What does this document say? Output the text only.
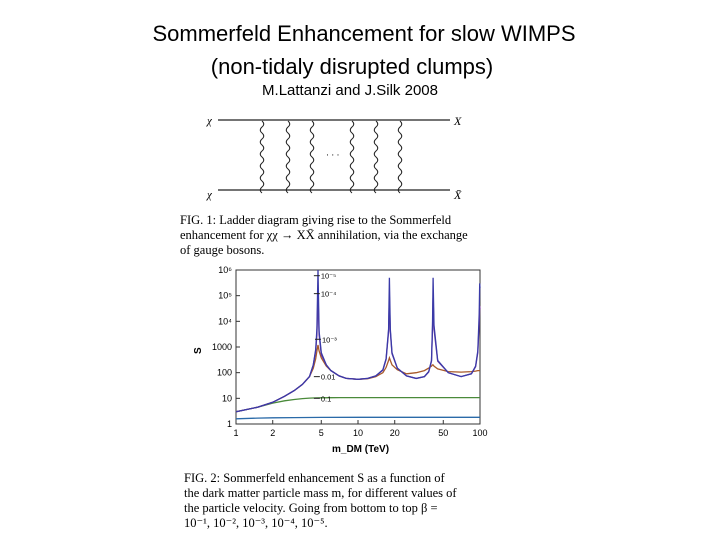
Sommerfeld Enhancement for slow WIMPS
(non-tidaly disrupted clumps)
M.Lattanzi and J.Silk 2008
χ
χ
X
X̄
· · ·
FIG. 1: Ladder diagram giving rise to the Sommerfeld
enhancement for χχ → XX̄ annihilation, via the exchange
of gauge bosons.
1	2	5	10	20	50	100
1
10
100
1000
10⁴
10⁵
10⁶
10⁻⁵
10⁻⁴
10⁻³
0.01
0.1
S
m_DM (TeV)
FIG. 2: Sommerfeld enhancement S as a function of
the dark matter particle mass m, for different values of
the particle velocity. Going from bottom to top β =
10⁻¹, 10⁻², 10⁻³, 10⁻⁴, 10⁻⁵.
